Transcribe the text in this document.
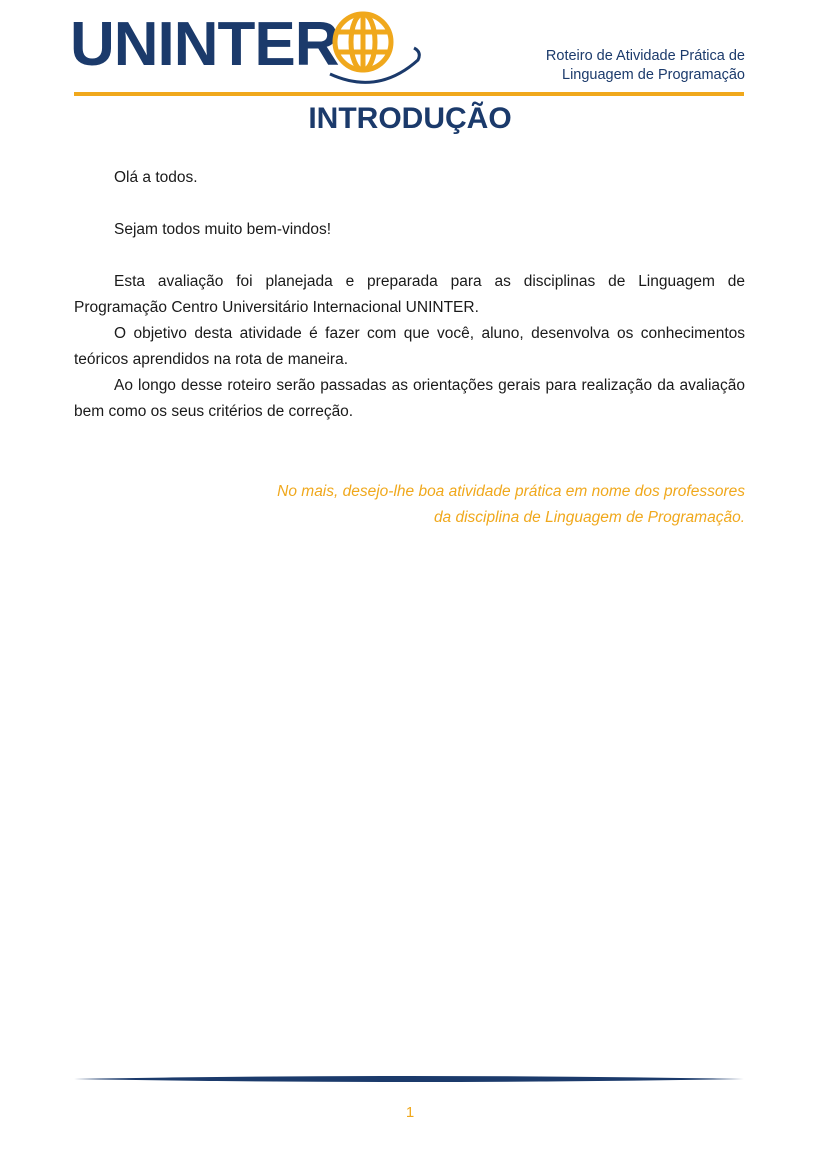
UNINTER	Roteiro de Atividade Prática de
Linguagem de Programação
INTRODUÇÃO

Olá a todos.

Sejam todos muito bem-vindos!

Esta avaliação foi planejada e preparada para as disciplinas de Linguagem de Programação Centro Universitário Internacional UNINTER.

O objetivo desta atividade é fazer com que você, aluno, desenvolva os conhecimentos teóricos aprendidos na rota de maneira.

Ao longo desse roteiro serão passadas as orientações gerais para realização da avaliação bem como os seus critérios de correção.

No mais, desejo-lhe boa atividade prática em nome dos professores
da disciplina de Linguagem de Programação.
1
